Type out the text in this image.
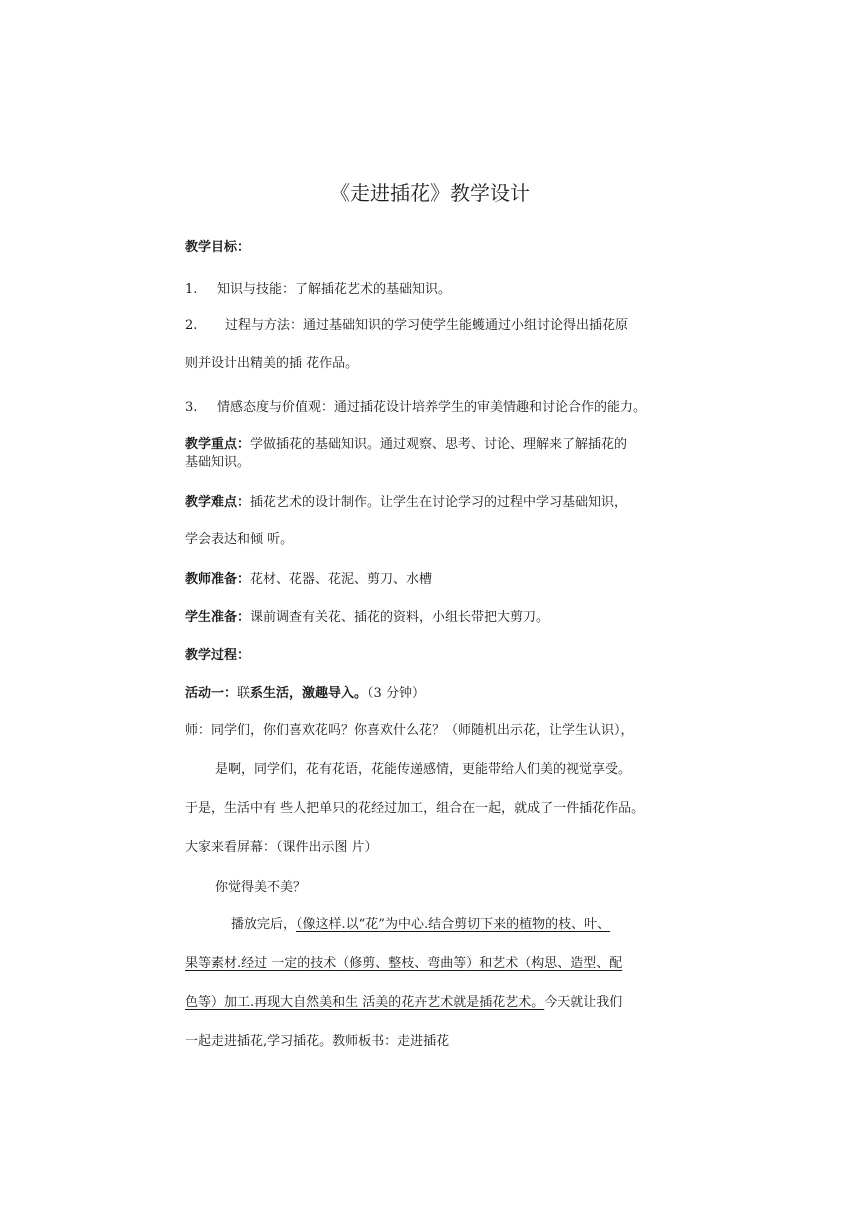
《走进插花》教学设计
教学目标：
1. 知识与技能：了解插花艺术的基础知识。
2. 过程与方法：通过基础知识的学习使学生能蠖通过小组讨论得出插花原
则并设计出精美的插 花作品。
3. 情感态度与价值观：通过插花设计培养学生的审美情趣和讨论合作的能力。
教学重点：学做插花的基础知识。通过观察、思考、讨论、理解来了解插花的
基础知识。
教学难点：插花艺术的设计制作。让学生在讨论学习的过程中学习基础知识，
学会表达和倾 听。
教师准备：花材、花器、花泥、剪刀、水槽
学生准备：课前调查有关花、插花的资料，小组长带把大剪刀。
教学过程：
活动一：联系生活，激趣导入。（3 分钟）
师：同学们，你们喜欢花吗？你喜欢什么花？（师随机出示花，让学生认识），
是啊，同学们，花有花语，花能传递感情，更能带给人们美的视觉享受。
于是，生活中有 些人把单只的花经过加工，组合在一起，就成了一件插花作品。
大家来看屏幕：（课件出示图 片）
你觉得美不美？
播放完后，（像这样.以“花”为中心.结合剪切下来的植物的枝、叶、
果等素材.经过 一定的技术（修剪、整枝、弯曲等）和艺术（构思、造型、配
色等）加工.再现大自然美和生 活美的花卉艺术就是插花艺术。今天就让我们
一起走进插花,学习插花。教师板书：走进插花
